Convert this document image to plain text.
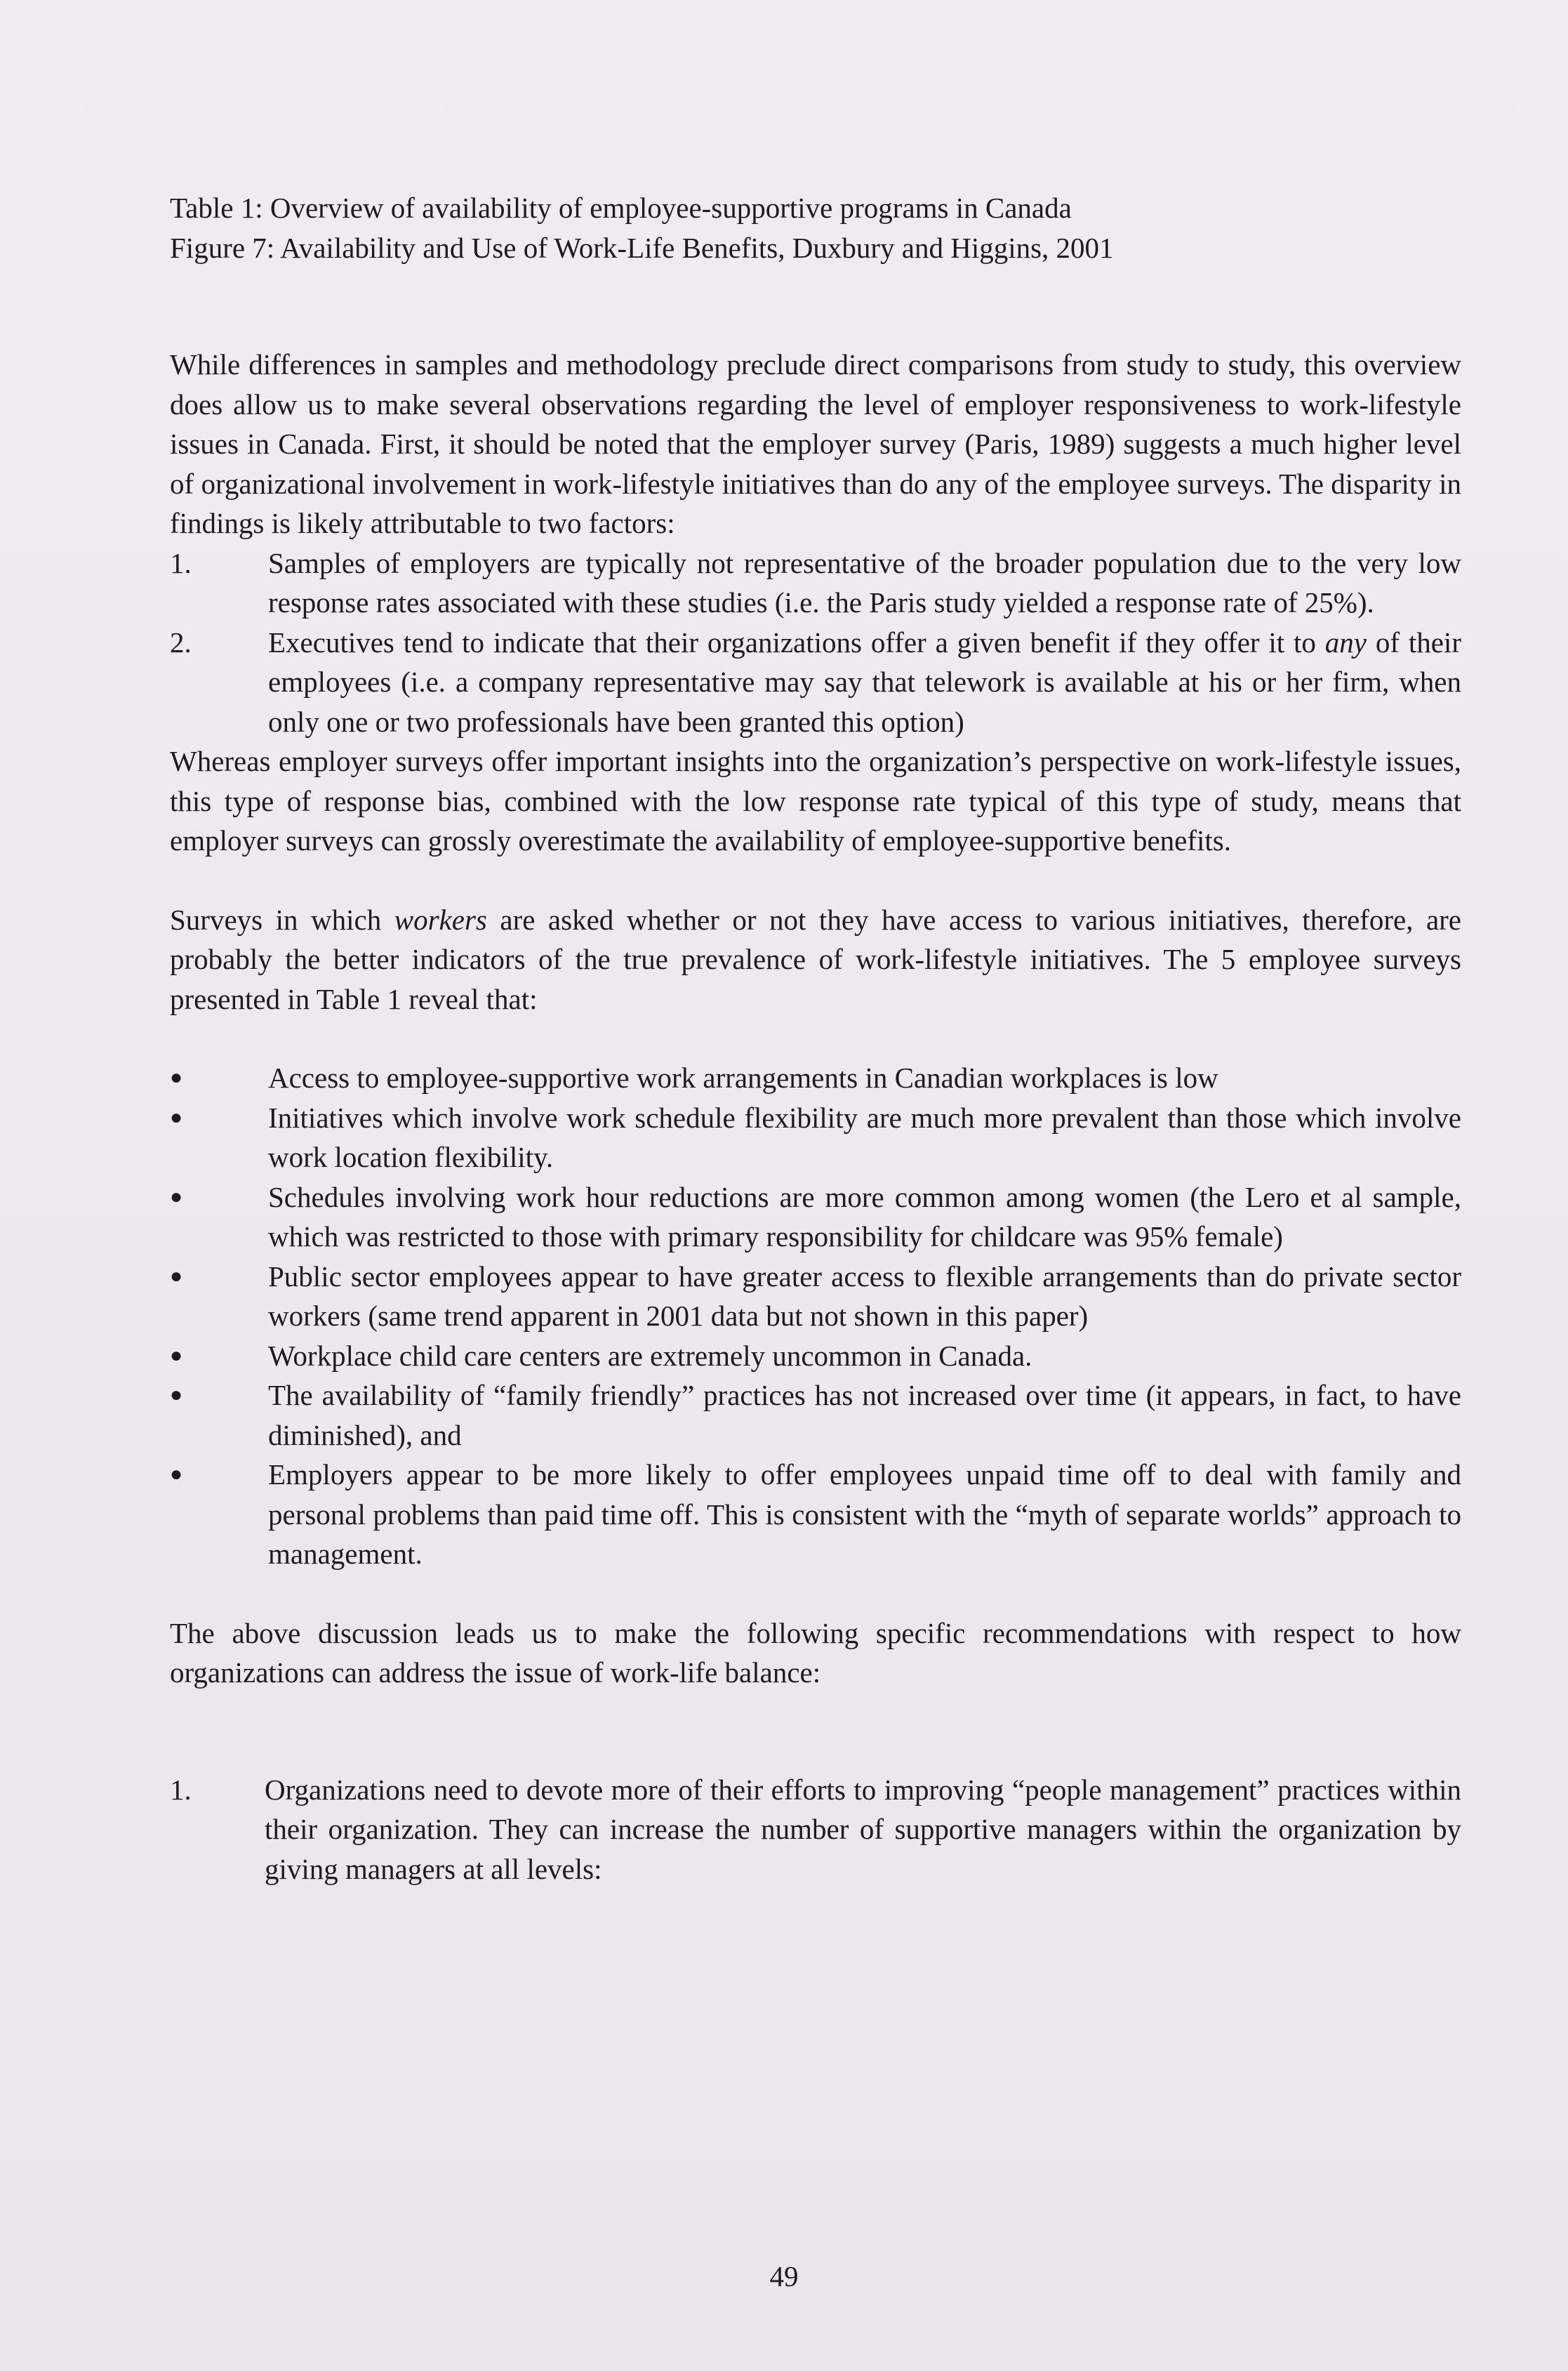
Table 1: Overview of availability of employee-supportive programs in Canada
Figure 7: Availability and Use of Work-Life Benefits, Duxbury and Higgins, 2001

While differences in samples and methodology preclude direct comparisons from study to study, this overview does allow us to make several observations regarding the level of employer responsiveness to work-lifestyle issues in Canada. First, it should be noted that the employer survey (Paris, 1989) suggests a much higher level of organizational involvement in work-lifestyle initiatives than do any of the employee surveys. The disparity in findings is likely attributable to two factors:

1.	Samples of employers are typically not representative of the broader population due to the very low response rates associated with these studies (i.e. the Paris study yielded a response rate of 25%).
2.	Executives tend to indicate that their organizations offer a given benefit if they offer it to any of their employees (i.e. a company representative may say that telework is available at his or her firm, when only one or two professionals have been granted this option)

Whereas employer surveys offer important insights into the organization’s perspective on work-lifestyle issues, this type of response bias, combined with the low response rate typical of this type of study, means that employer surveys can grossly overestimate the availability of employee-supportive benefits.

Surveys in which workers are asked whether or not they have access to various initiatives, therefore, are probably the better indicators of the true prevalence of work-lifestyle initiatives. The 5 employee surveys presented in Table 1 reveal that:

●	Access to employee-supportive work arrangements in Canadian workplaces is low
●	Initiatives which involve work schedule flexibility are much more prevalent than those which involve work location flexibility.
●	Schedules involving work hour reductions are more common among women (the Lero et al sample, which was restricted to those with primary responsibility for childcare was 95% female)
●	Public sector employees appear to have greater access to flexible arrangements than do private sector workers (same trend apparent in 2001 data but not shown in this paper)
●	Workplace child care centers are extremely uncommon in Canada.
●	The availability of “family friendly” practices has not increased over time (it appears, in fact, to have diminished), and
●	Employers appear to be more likely to offer employees unpaid time off to deal with family and personal problems than paid time off. This is consistent with the “myth of separate worlds” approach to management.

The above discussion leads us to make the following specific recommendations with respect to how organizations can address the issue of work-life balance:

1.	Organizations need to devote more of their efforts to improving “people management” practices within their organization. They can increase the number of supportive managers within the organization by giving managers at all levels:
49
